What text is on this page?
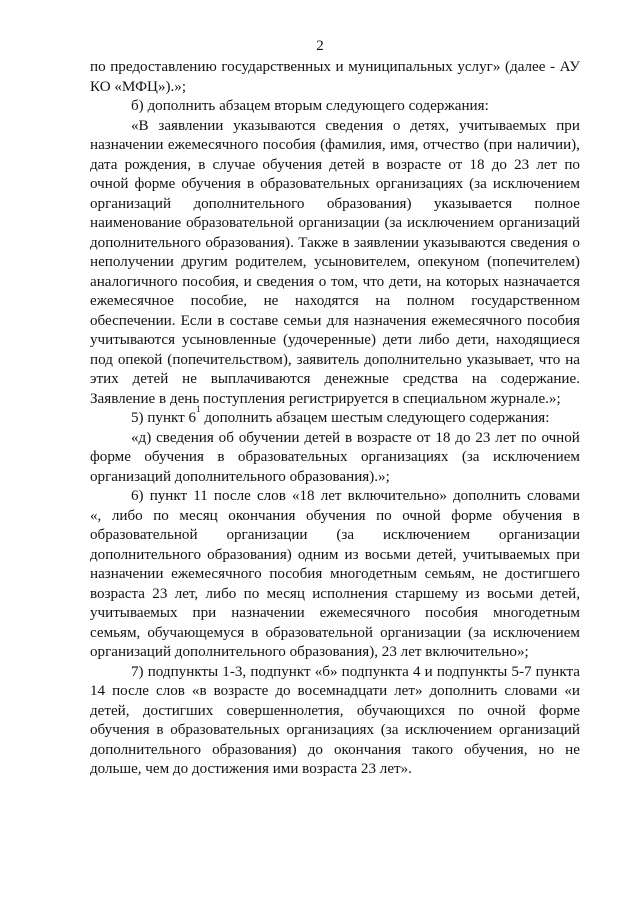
2
по предоставлению государственных и муниципальных услуг» (далее - АУ
КО «МФЦ»).»;
б) дополнить абзацем вторым следующего содержания:
«В заявлении указываются сведения о детях, учитываемых при
назначении ежемесячного пособия (фамилия, имя, отчество (при наличии),
дата рождения, в случае обучения детей в возрасте от 18 до 23 лет по
очной форме обучения в образовательных организациях (за исключением
организаций дополнительного образования) указывается полное
наименование образовательной организации (за исключением организаций
дополнительного образования). Также в заявлении указываются сведения о
неполучении другим родителем, усыновителем, опекуном (попечителем)
аналогичного пособия, и сведения о том, что дети, на которых назначается
ежемесячное пособие, не находятся на полном государственном
обеспечении. Если в составе семьи для назначения ежемесячного пособия
учитываются усыновленные (удочеренные) дети либо дети, находящиеся
под опекой (попечительством), заявитель дополнительно указывает, что на
этих детей не выплачиваются денежные средства на содержание.
Заявление в день поступления регистрируется в специальном журнале.»;
5) пункт 6
1
дополнить абзацем шестым следующего содержания:
«д) сведения об обучении детей в возрасте от 18 до 23 лет по очной
форме обучения в образовательных организациях (за исключением
организаций дополнительного образования).»;
6) пункт 11 после слов «18 лет включительно» дополнить словами
«, либо по месяц окончания обучения по очной форме обучения в
образовательной организации (за исключением организации
дополнительного образования) одним из восьми детей, учитываемых при
назначении ежемесячного пособия многодетным семьям, не достигшего
возраста 23 лет, либо по месяц исполнения старшему из восьми детей,
учитываемых при назначении ежемесячного пособия многодетным
семьям, обучающемуся в образовательной организации (за исключением
организаций дополнительного образования), 23 лет включительно»;
7) подпункты 1-3, подпункт «б» подпункта 4 и подпункты 5-7 пункта
14 после слов «в возрасте до восемнадцати лет» дополнить словами «и
детей, достигших совершеннолетия, обучающихся по очной форме
обучения в образовательных организациях (за исключением организаций
дополнительного образования) до окончания такого обучения, но не
дольше, чем до достижения ими возраста 23 лет».
